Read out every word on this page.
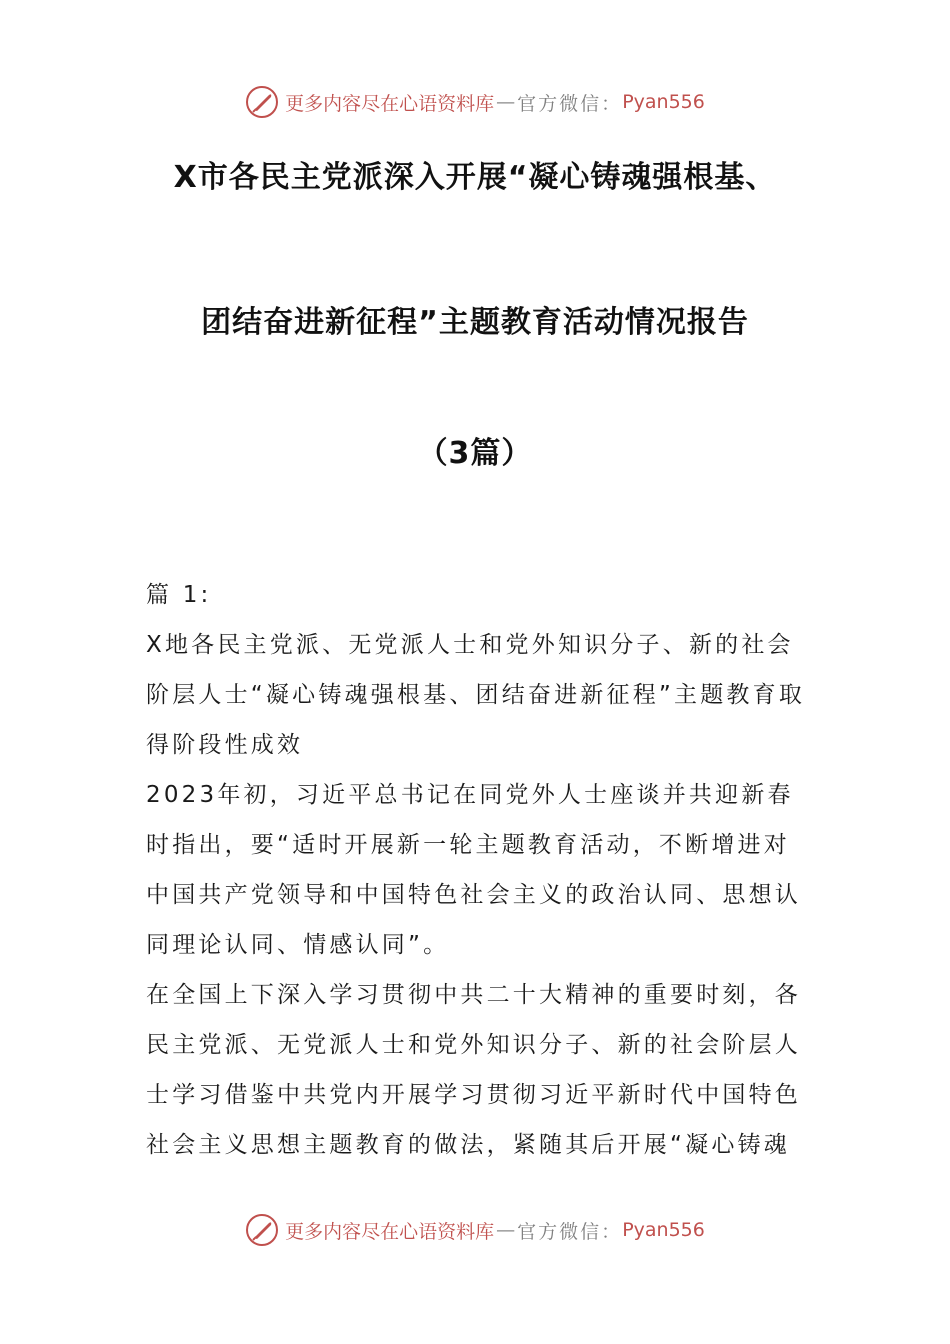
更多内容尽在心语资料库 — 官方微信： Pyan556
X市各民主党派深入开展“凝心铸魂强根基、
团结奋进新征程”主题教育活动情况报告
（3篇）

篇 1:

X地各民主党派、无党派人士和党外知识分子、新的社会阶层人士“凝心铸魂强根基、团结奋进新征程”主题教育取得阶段性成效

2023年初，习近平总书记在同党外人士座谈并共迎新春时指出，要“适时开展新一轮主题教育活动，不断增进对中国共产党领导和中国特色社会主义的政治认同、思想认同理论认同、情感认同”。

在全国上下深入学习贯彻中共二十大精神的重要时刻，各民主党派、无党派人士和党外知识分子、新的社会阶层人士学习借鉴中共党内开展学习贯彻习近平新时代中国特色社会主义思想主题教育的做法，紧随其后开展“凝心铸魂

更多内容尽在心语资料库 — 官方微信： Pyan556
